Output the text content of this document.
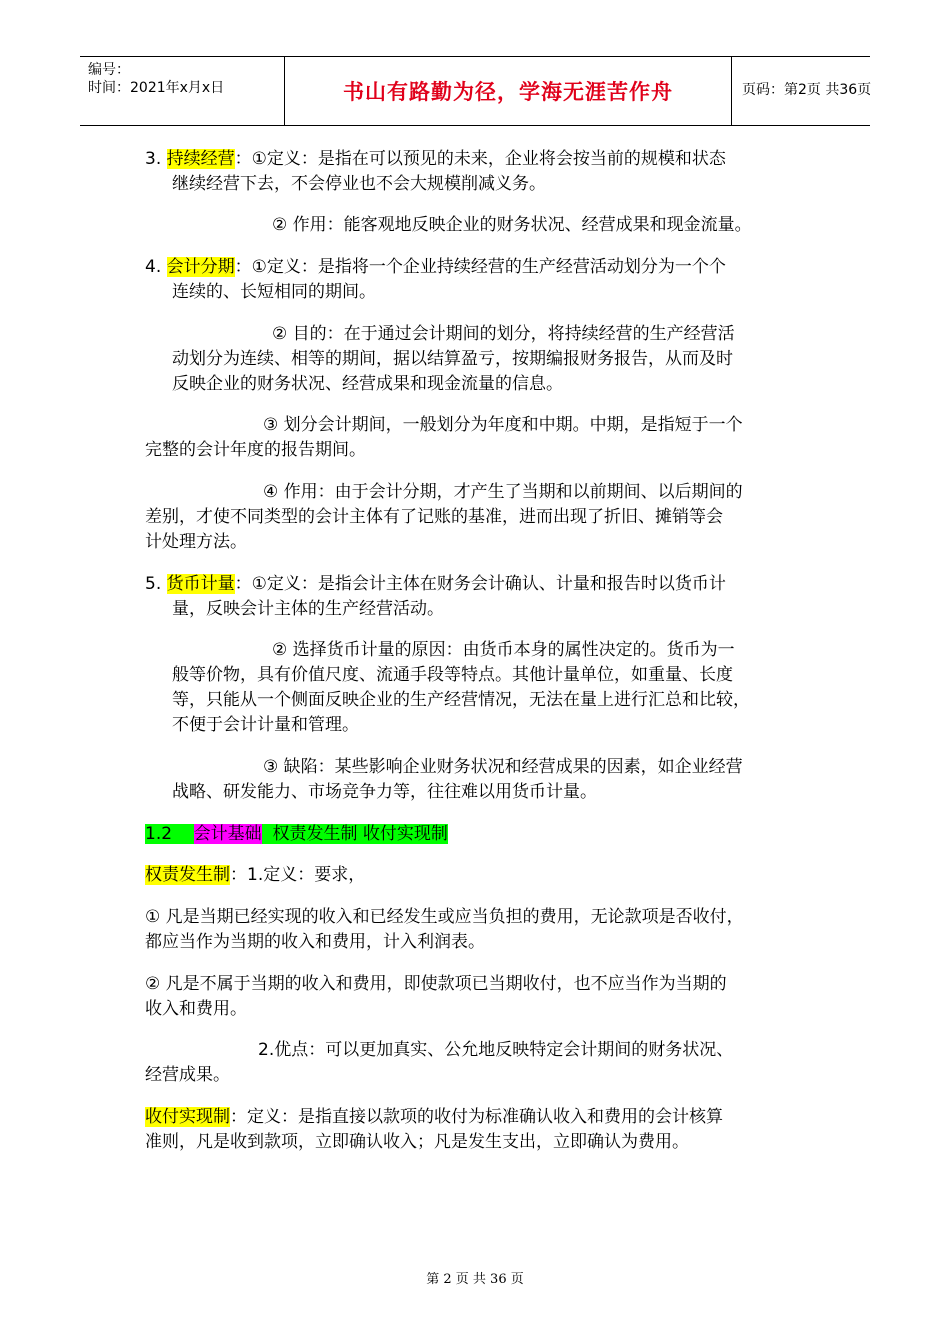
编号：
时间：2021年x月x日	书山有路勤为径，学海无涯苦作舟	页码：第2页 共36页

3. 持续经营：①定义：是指在可以预见的未来，企业将会按当前的规模和状态

继续经营下去，不会停业也不会大规模削减义务。

② 作用：能客观地反映企业的财务状况、经营成果和现金流量。

4. 会计分期：①定义：是指将一个企业持续经营的生产经营活动划分为一个个

连续的、长短相同的期间。

② 目的：在于通过会计期间的划分，将持续经营的生产经营活

动划分为连续、相等的期间，据以结算盈亏，按期编报财务报告，从而及时

反映企业的财务状况、经营成果和现金流量的信息。

③ 划分会计期间，一般划分为年度和中期。中期，是指短于一个

完整的会计年度的报告期间。

④ 作用：由于会计分期，才产生了当期和以前期间、以后期间的

差别，才使不同类型的会计主体有了记账的基准，进而出现了折旧、摊销等会

计处理方法。

5. 货币计量：①定义：是指会计主体在财务会计确认、计量和报告时以货币计

量，反映会计主体的生产经营活动。

② 选择货币计量的原因：由货币本身的属性决定的。货币为一

般等价物，具有价值尺度、流通手段等特点。其他计量单位，如重量、长度

等，只能从一个侧面反映企业的生产经营情况，无法在量上进行汇总和比较，

不便于会计计量和管理。

③ 缺陷：某些影响企业财务状况和经营成果的因素，如企业经营

战略、研发能力、市场竞争力等，往往难以用货币计量。

1.2 会计基础 权责发生制 收付实现制

权责发生制：1.定义：要求，

① 凡是当期已经实现的收入和已经发生或应当负担的费用，无论款项是否收付，

都应当作为当期的收入和费用，计入利润表。

② 凡是不属于当期的收入和费用，即使款项已当期收付，也不应当作为当期的

收入和费用。

2.优点：可以更加真实、公允地反映特定会计期间的财务状况、

经营成果。

收付实现制：定义：是指直接以款项的收付为标准确认收入和费用的会计核算

准则，凡是收到款项，立即确认收入；凡是发生支出，立即确认为费用。

第 2 页 共 36 页
